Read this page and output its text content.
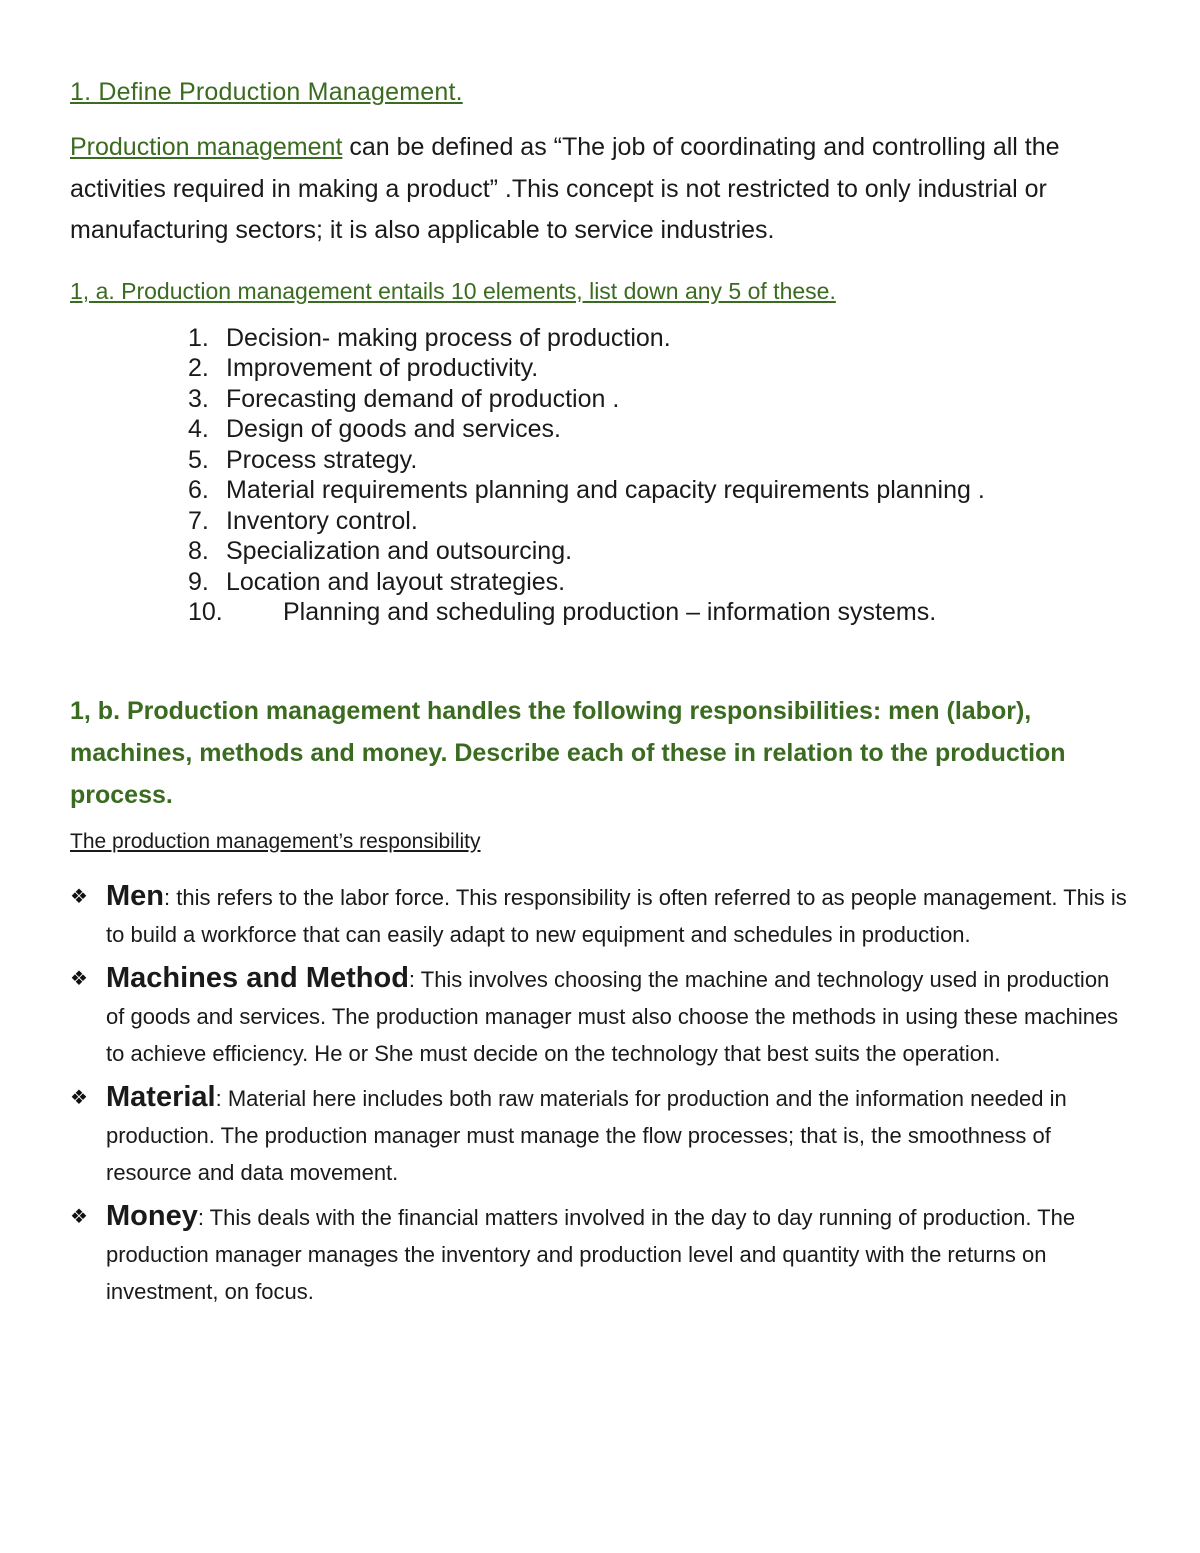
1. Define Production Management.

Production management can be defined as “The job of coordinating and controlling all the activities required in making a product” .This concept is not restricted to only industrial or manufacturing sectors; it is also applicable to service industries.

1, a. Production management entails 10 elements, list down any 5 of these.
1. Decision- making process of production.
2. Improvement of productivity.
3. Forecasting demand of production .
4. Design of goods and services.
5. Process strategy.
6. Material requirements planning and capacity requirements planning .
7. Inventory control.
8. Specialization and outsourcing.
9. Location and layout strategies.
10.	Planning and scheduling production – information systems.
1, b. Production management handles the following responsibilities: men (labor), machines, methods and money. Describe each of these in relation to the production process.
The production management’s responsibility
❖ Men: this refers to the labor force. This responsibility is often referred to as people management. This is to build a workforce that can easily adapt to new equipment and schedules in production.
❖ Machines and Method: This involves choosing the machine and technology used in production of goods and services. The production manager must also choose the methods in using these machines to achieve efficiency. He or She must decide on the technology that best suits the operation.
❖ Material: Material here includes both raw materials for production and the information needed in production. The production manager must manage the flow processes; that is, the smoothness of resource and data movement.
❖ Money: This deals with the financial matters involved in the day to day running of production. The production manager manages the inventory and production level and quantity with the returns on investment, on focus.
